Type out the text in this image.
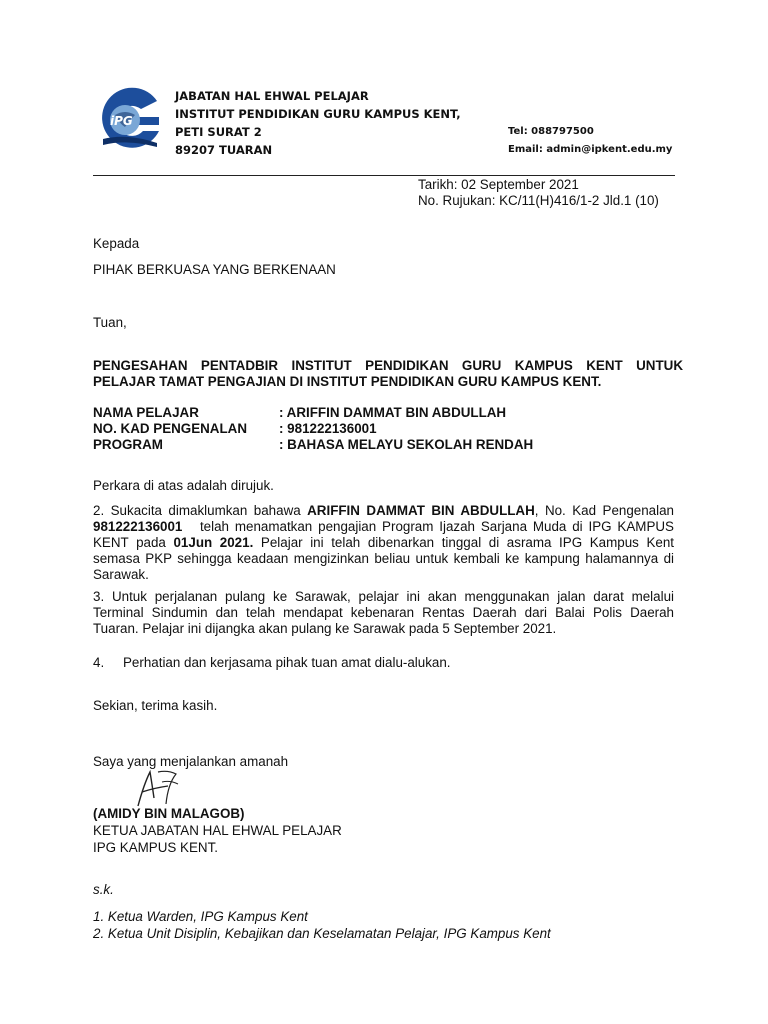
iPG
JABATAN HAL EHWAL PELAJAR
INSTITUT PENDIDIKAN GURU KAMPUS KENT,
PETI SURAT 2
89207 TUARAN
Tel: 088797500
Email: admin@ipkent.edu.my
Tarikh: 02 September 2021
No. Rujukan: KC/11(H)416/1-2 Jld.1 (10)
Kepada
PIHAK BERKUASA YANG BERKENAAN
Tuan,
PENGESAHAN PENTADBIR INSTITUT PENDIDIKAN GURU KAMPUS KENT UNTUK
PELAJAR TAMAT PENGAJIAN DI INSTITUT PENDIDIKAN GURU KAMPUS KENT.
NAMA PELAJAR	: ARIFFIN DAMMAT BIN ABDULLAH
NO. KAD PENGENALAN	: 981222136001
PROGRAM	: BAHASA MELAYU SEKOLAH RENDAH
Perkara di atas adalah dirujuk.
2. Sukacita dimaklumkan bahawa ARIFFIN DAMMAT BIN ABDULLAH, No. Kad Pengenalan 981222136001   telah menamatkan pengajian Program Ijazah Sarjana Muda di IPG KAMPUS KENT pada 01Jun 2021. Pelajar ini telah dibenarkan tinggal di asrama IPG Kampus Kent semasa PKP sehingga keadaan mengizinkan beliau untuk kembali ke kampung halamannya di Sarawak.
3. Untuk perjalanan pulang ke Sarawak, pelajar ini akan menggunakan jalan darat melalui Terminal Sindumin dan telah mendapat kebenaran Rentas Daerah dari Balai Polis Daerah Tuaran. Pelajar ini dijangka akan pulang ke Sarawak pada 5 September 2021.
4. Perhatian dan kerjasama pihak tuan amat dialu-alukan.
Sekian, terima kasih.
Saya yang menjalankan amanah
(AMIDY BIN MALAGOB)
KETUA JABATAN HAL EHWAL PELAJAR
IPG KAMPUS KENT.
s.k.
1. Ketua Warden, IPG Kampus Kent
2. Ketua Unit Disiplin, Kebajikan dan Keselamatan Pelajar, IPG Kampus Kent
